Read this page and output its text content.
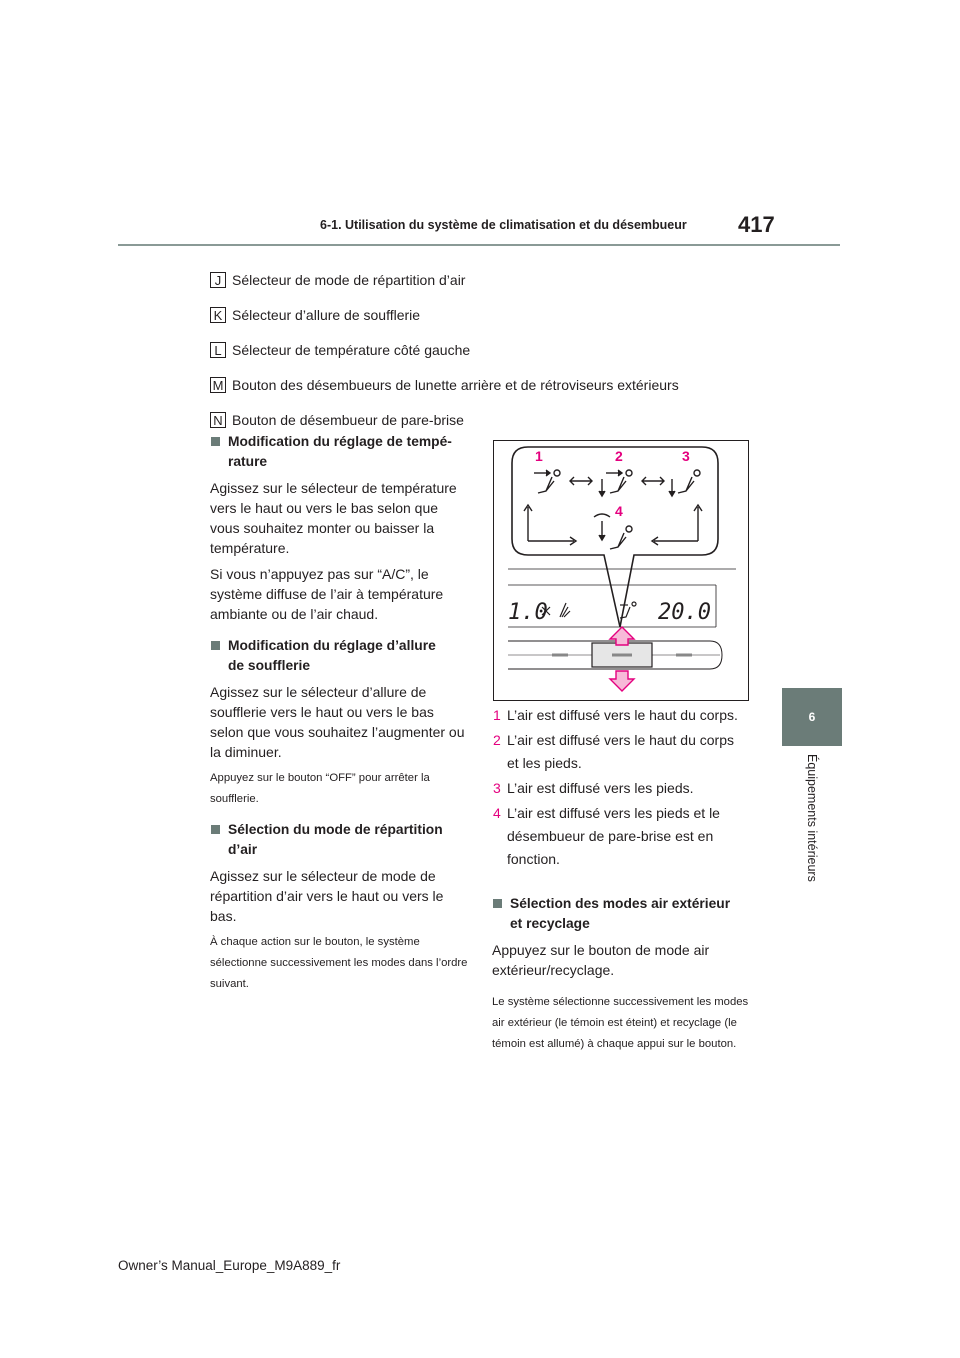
6-1. Utilisation du système de climatisation et du désembueur 417
6
Équipements intérieurs
J Sélecteur de mode de répartition d’air
K Sélecteur d’allure de soufflerie
L Sélecteur de température côté gauche
M Bouton des désembueurs de lunette arrière et de rétroviseurs extérieurs
N Bouton de désembueur de pare-brise
Modification du réglage de tempé-
rature

Agissez sur le sélecteur de température vers le haut ou vers le bas selon que vous souhaitez monter ou baisser la température.

Si vous n’appuyez pas sur “A/C”, le système diffuse de l’air à température ambiante ou de l’air chaud.

Modification du réglage d’allure
de soufflerie

Agissez sur le sélecteur d’allure de soufflerie vers le haut ou vers le bas selon que vous souhaitez l’augmenter ou la diminuer.

Appuyez sur le bouton “OFF” pour arrêter la soufflerie.

Sélection du mode de répartition
d’air

Agissez sur le sélecteur de mode de répartition d’air vers le haut ou vers le bas.

À chaque action sur le bouton, le système sélectionne successivement les modes dans l’ordre suivant.

1	2	3
4
1.0	20.0
1 L’air est diffusé vers le haut du corps.
2 L’air est diffusé vers le haut du corps et les pieds.
3 L’air est diffusé vers les pieds.
4 L’air est diffusé vers les pieds et le désembueur de pare-brise est en fonction.
Sélection des modes air extérieur
et recyclage

Appuyez sur le bouton de mode air extérieur/recyclage.

Le système sélectionne successivement les modes air extérieur (le témoin est éteint) et recyclage (le témoin est allumé) à chaque appui sur le bouton.

Owner’s Manual_Europe_M9A889_fr
